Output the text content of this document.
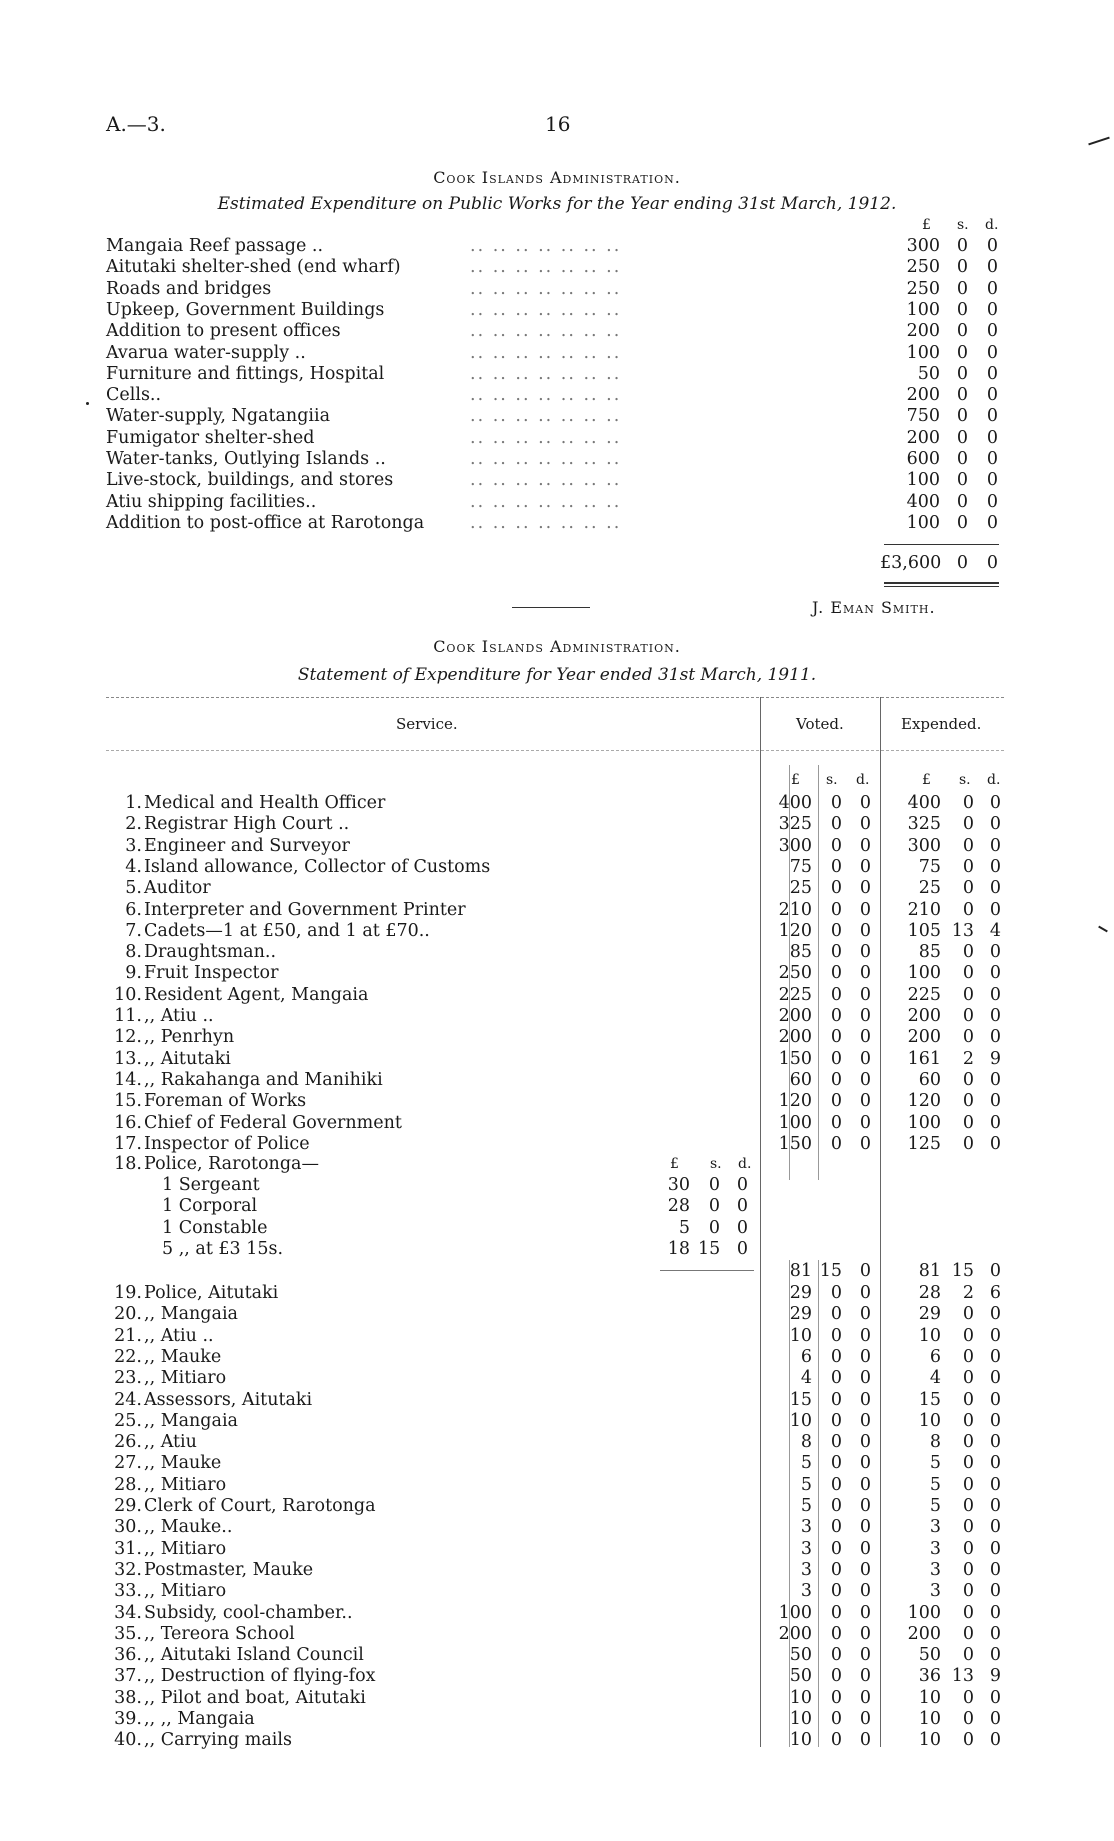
A.—3.	16
Cook Islands Administration.
Estimated Expenditure on Public Works for the Year ending 31st March, 1912.
£ s. d.
Mangaia Reef passage ..	.. .. .. .. .. .. ..	300 0 0
Aitutaki shelter-shed (end wharf)	.. .. .. .. .. .. ..	250 0 0
Roads and bridges	.. .. .. .. .. .. ..	250 0 0
Upkeep, Government Buildings	.. .. .. .. .. .. ..	100 0 0
Addition to present offices	.. .. .. .. .. .. ..	200 0 0
Avarua water-supply ..	.. .. .. .. .. .. ..	100 0 0
Furniture and fittings, Hospital	.. .. .. .. .. .. ..	50 0 0
Cells..	.. .. .. .. .. .. ..	200 0 0
Water-supply, Ngatangiia	.. .. .. .. .. .. ..	750 0 0
Fumigator shelter-shed	.. .. .. .. .. .. ..	200 0 0
Water-tanks, Outlying Islands ..	.. .. .. .. .. .. ..	600 0 0
Live-stock, buildings, and stores	.. .. .. .. .. .. ..	100 0 0
Atiu shipping facilities..	.. .. .. .. .. .. ..	400 0 0
Addition to post-office at Rarotonga	.. .. .. .. .. .. ..	100 0 0
£3,600 0 0
J. Eman Smith.
Cook Islands Administration.
Statement of Expenditure for Year ended 31st March, 1911.
Service.	Voted.	Expended.
£ s. d.	£ s. d.
1. Medical and Health Officer	400	0 0	400	0 0
2. Registrar High Court ..	325	0 0	325	0 0
3. Engineer and Surveyor	300	0 0	300	0 0
4. Island allowance, Collector of Customs	75	0 0	75	0 0
5. Auditor	25	0 0	25	0 0
6. Interpreter and Government Printer	210	0 0	210	0 0
7. Cadets—1 at £50, and 1 at £70..	120	0 0	105 13 4
8. Draughtsman..	85	0 0	85	0 0
9. Fruit Inspector	250	0 0	100	0 0
10. Resident Agent, Mangaia	225	0 0	225	0 0
11. ,, Atiu ..	200	0 0	200	0 0
12. ,, Penrhyn	200	0 0	200	0 0
13. ,, Aitutaki	150	0 0	161	2 9
14. ,, Rakahanga and Manihiki	60	0 0	60	0 0
15. Foreman of Works	120	0 0	120	0 0
16. Chief of Federal Government	100	0 0	100	0 0
17. Inspector of Police	150	0 0	125	0 0
18. Police, Rarotonga—	£ s. d.
1 Sergeant	30	0 0
1 Corporal	28	0 0
1 Constable	5	0 0
5 ,, at £3 15s.	18 15 0
81 15 0	81 15 0
19. Police, Aitutaki	29	0 0	28	2 6
20. ,, Mangaia	29	0 0	29	0 0
21. ,, Atiu ..	10	0 0	10	0 0
22. ,, Mauke	6	0 0	6	0 0
23. ,, Mitiaro	4	0 0	4	0 0
24. Assessors, Aitutaki	15	0 0	15	0 0
25. ,, Mangaia	10	0 0	10	0 0
26. ,, Atiu	8	0 0	8	0 0
27. ,, Mauke	5	0 0	5	0 0
28. ,, Mitiaro	5	0 0	5	0 0
29. Clerk of Court, Rarotonga	5	0 0	5	0 0
30. ,, Mauke..	3	0 0	3	0 0
31. ,, Mitiaro	3	0 0	3	0 0
32. Postmaster, Mauke	3	0 0	3	0 0
33. ,, Mitiaro	3	0 0	3	0 0
34. Subsidy, cool-chamber..	100	0 0	100	0 0
35. ,, Tereora School	200	0 0	200	0 0
36. ,, Aitutaki Island Council	50	0 0	50	0 0
37. ,, Destruction of flying-fox	50	0 0	36 13 9
38. ,, Pilot and boat, Aitutaki	10	0 0	10	0 0
39. ,, ,, Mangaia	10	0 0	10	0 0
40. ,, Carrying mails	10	0 0	10	0 0
